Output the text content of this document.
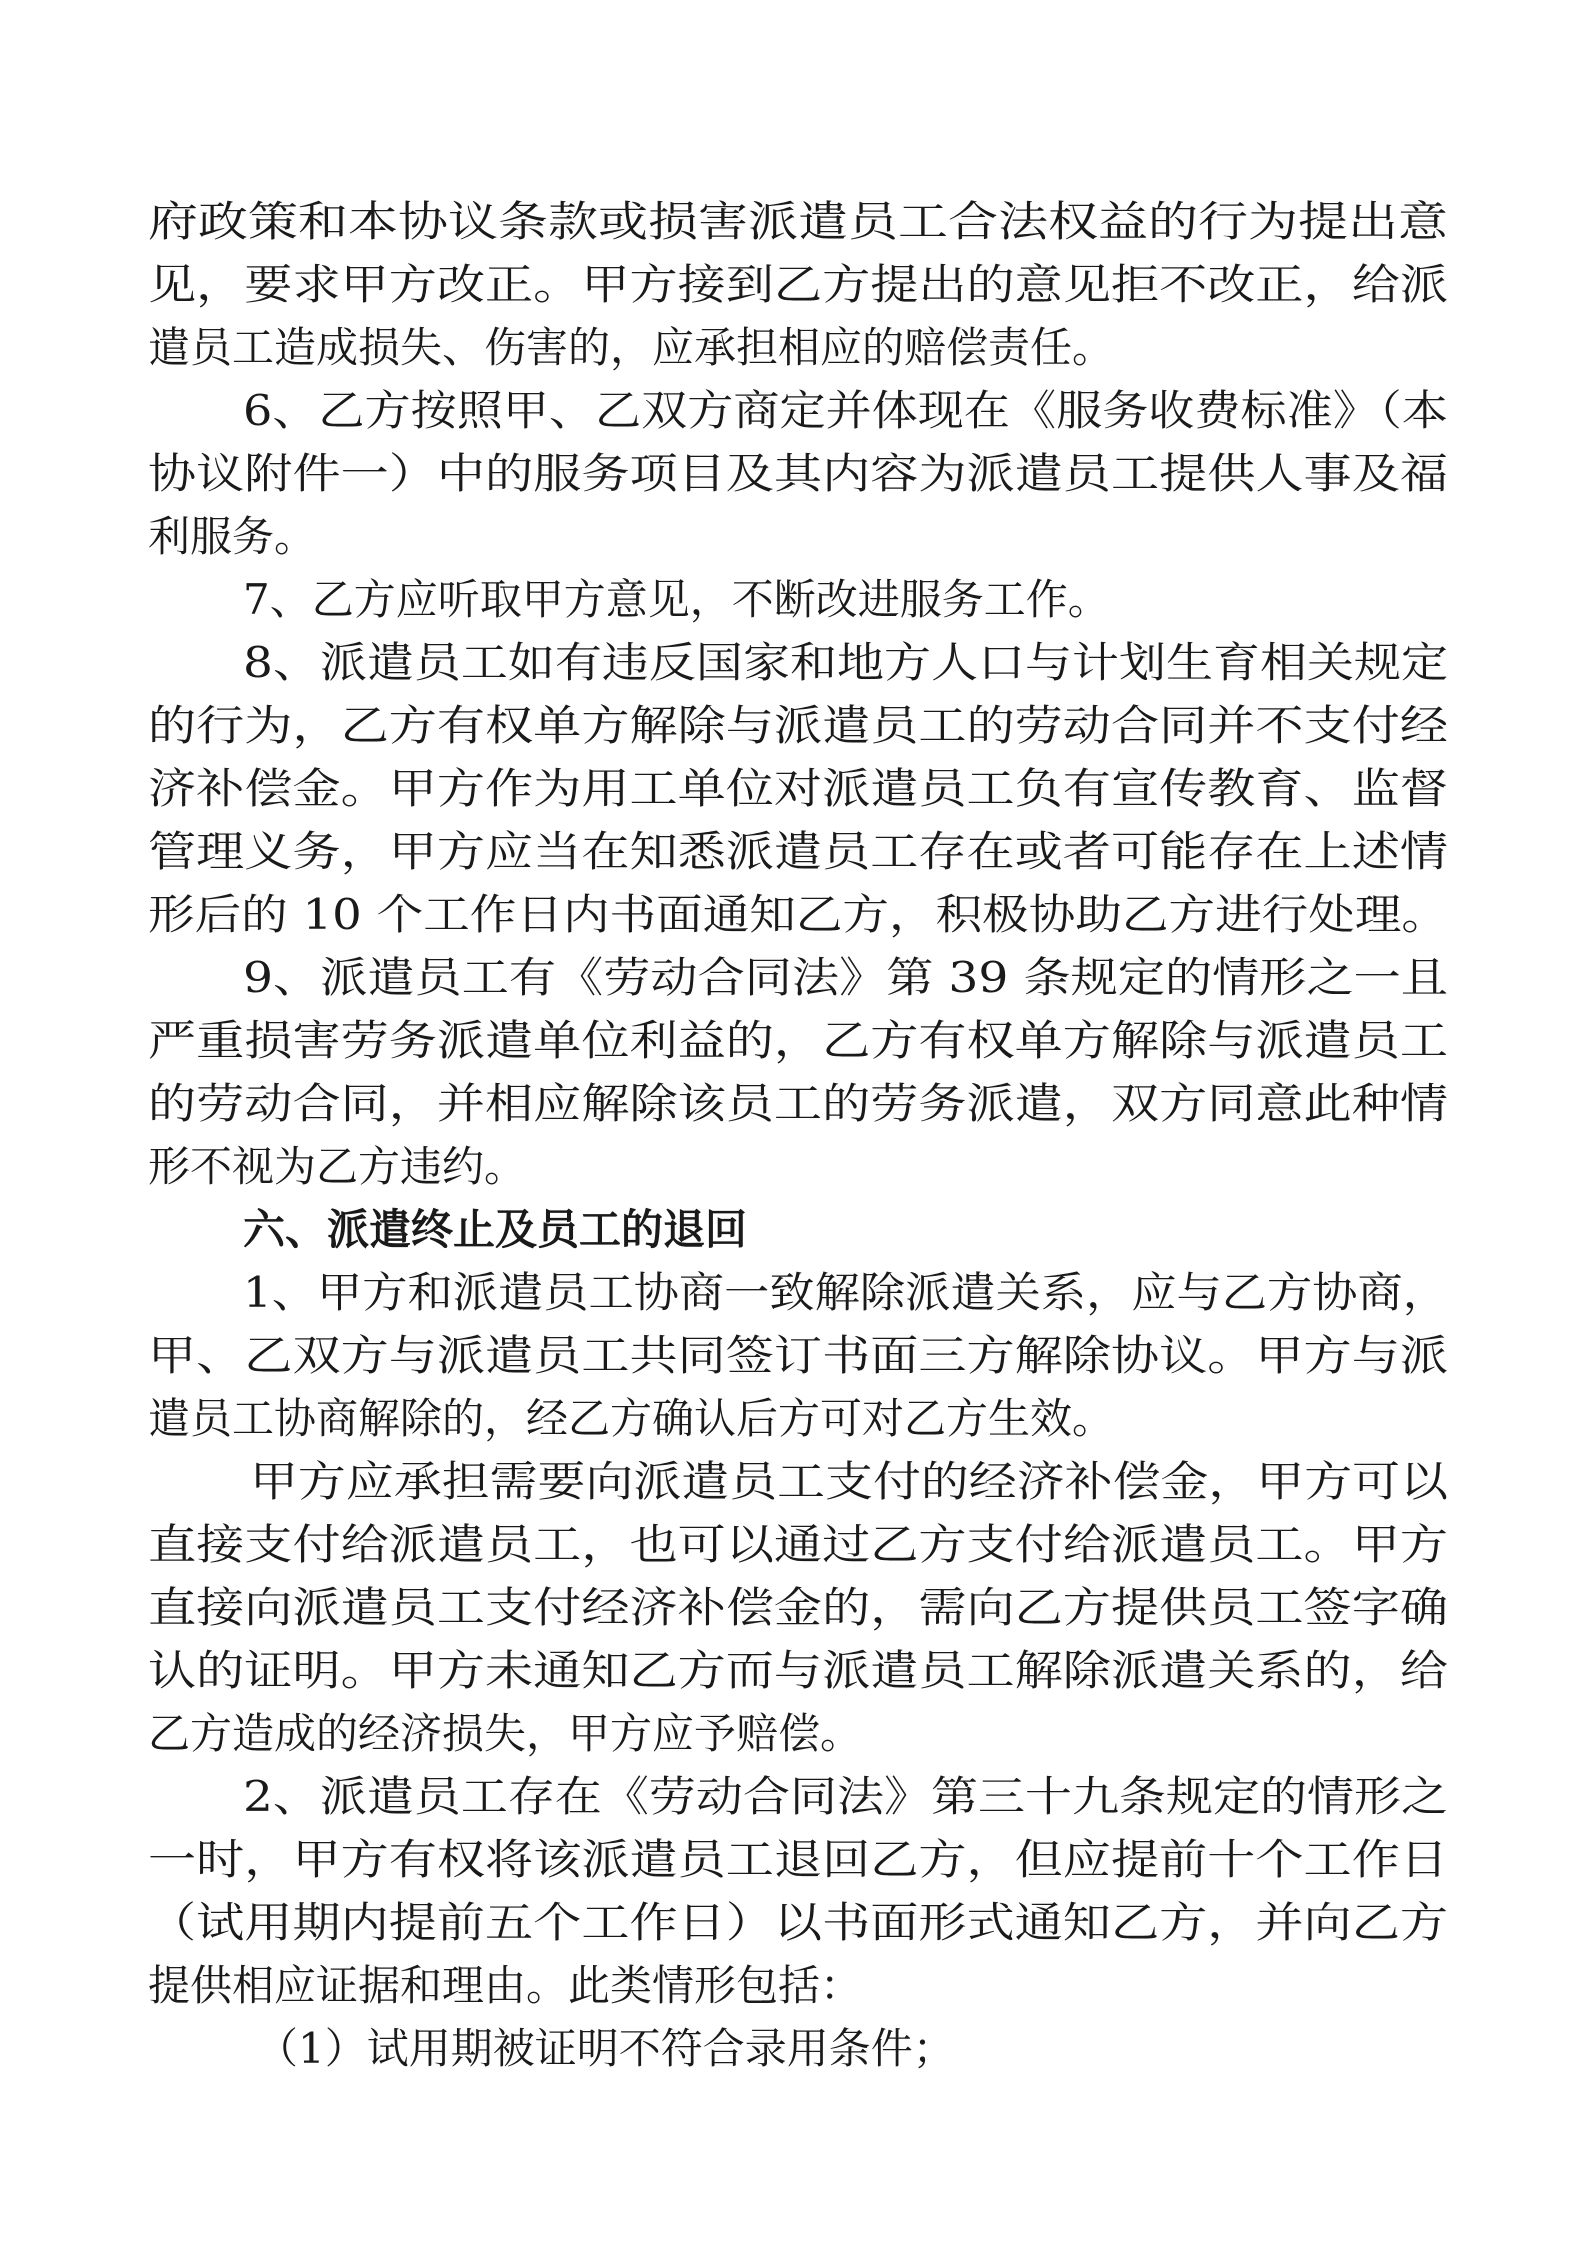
府政策和本协议条款或损害派遣员工合法权益的行为提出意
见，要求甲方改正。甲方接到乙方提出的意见拒不改正，给派
遣员工造成损失、伤害的，应承担相应的赔偿责任。
6、乙方按照甲、乙双方商定并体现在《服务收费标准》（本
协议附件一）中的服务项目及其内容为派遣员工提供人事及福
利服务。
7、乙方应听取甲方意见，不断改进服务工作。
8、派遣员工如有违反国家和地方人口与计划生育相关规定
的行为，乙方有权单方解除与派遣员工的劳动合同并不支付经
济补偿金。甲方作为用工单位对派遣员工负有宣传教育、监督
管理义务，甲方应当在知悉派遣员工存在或者可能存在上述情
形后的 10 个工作日内书面通知乙方，积极协助乙方进行处理。
9、派遣员工有《劳动合同法》第 39 条规定的情形之一且
严重损害劳务派遣单位利益的，乙方有权单方解除与派遣员工
的劳动合同，并相应解除该员工的劳务派遣，双方同意此种情
形不视为乙方违约。
六、派遣终止及员工的退回
1、甲方和派遣员工协商一致解除派遣关系，应与乙方协商，
甲、乙双方与派遣员工共同签订书面三方解除协议。甲方与派
遣员工协商解除的，经乙方确认后方可对乙方生效。
甲方应承担需要向派遣员工支付的经济补偿金，甲方可以
直接支付给派遣员工，也可以通过乙方支付给派遣员工。甲方
直接向派遣员工支付经济补偿金的，需向乙方提供员工签字确
认的证明。甲方未通知乙方而与派遣员工解除派遣关系的，给
乙方造成的经济损失，甲方应予赔偿。
2、派遣员工存在《劳动合同法》第三十九条规定的情形之
一时，甲方有权将该派遣员工退回乙方，但应提前十个工作日
（试用期内提前五个工作日）以书面形式通知乙方，并向乙方
提供相应证据和理由。此类情形包括：
（1）试用期被证明不符合录用条件；
